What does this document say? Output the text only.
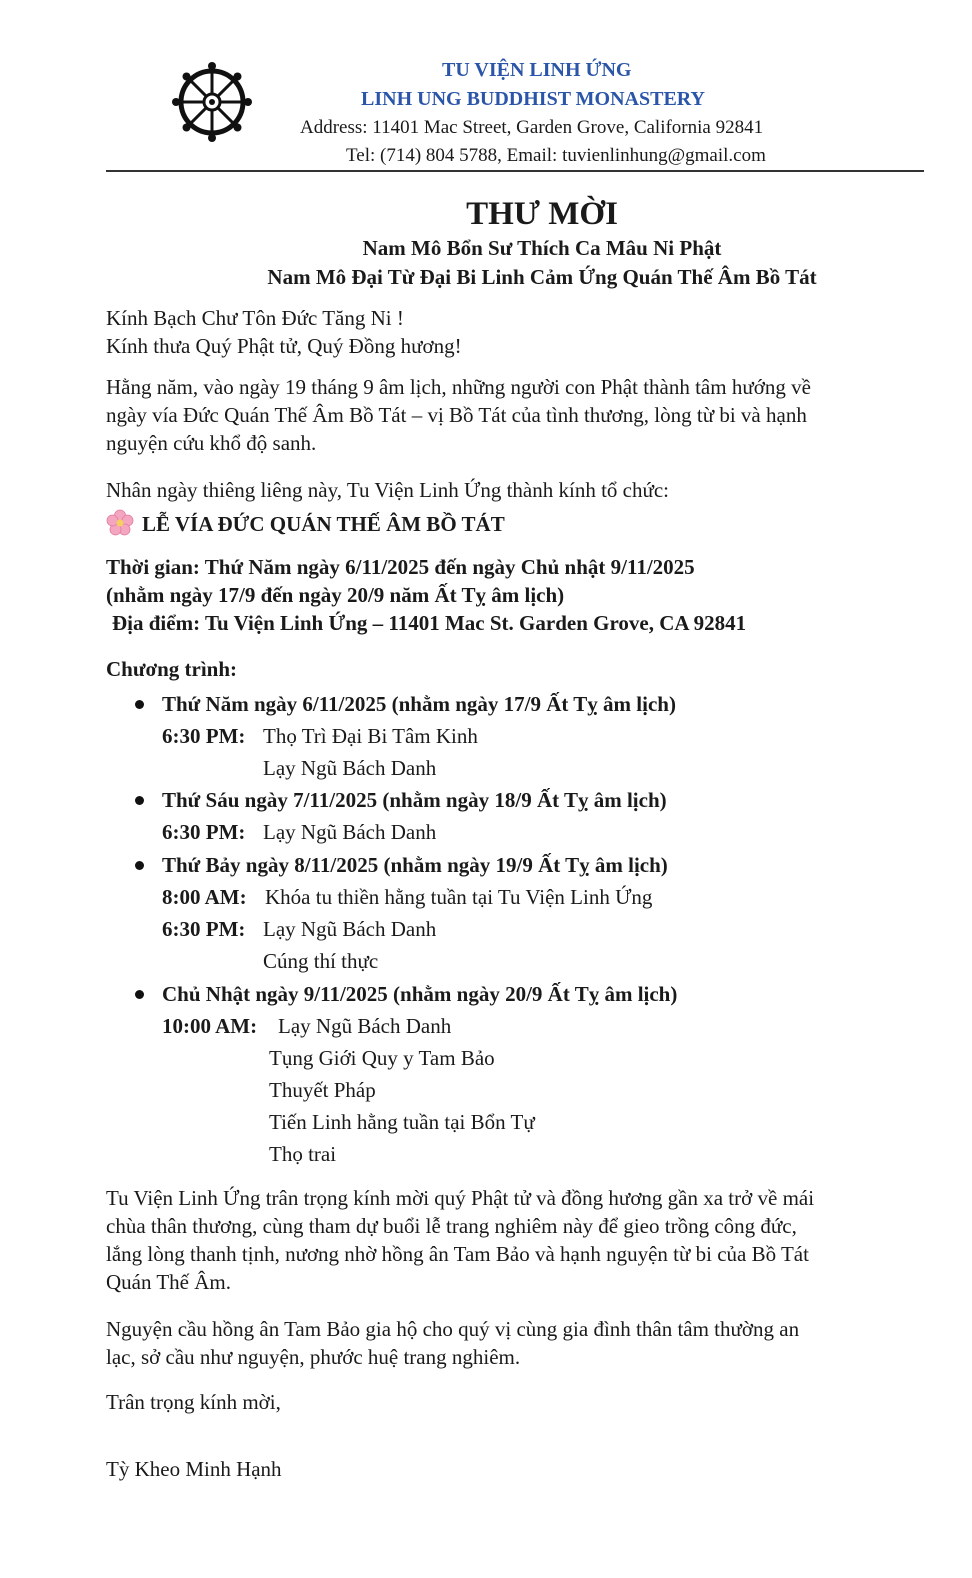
TU VIỆN LINH ỨNG
LINH UNG BUDDHIST MONASTERY
Address: 11401 Mac Street, Garden Grove, California 92841
Tel: (714) 804 5788, Email: tuvienlinhung@gmail.com
THƯ MỜI
Nam Mô Bổn Sư Thích Ca Mâu Ni Phật
Nam Mô Đại Từ Đại Bi Linh Cảm Ứng Quán Thế Âm Bồ Tát
Kính Bạch Chư Tôn Đức Tăng Ni !
Kính thưa Quý Phật tử, Quý Đồng hương!
Hằng năm, vào ngày 19 tháng 9 âm lịch, những người con Phật thành tâm hướng về
ngày vía Đức Quán Thế Âm Bồ Tát – vị Bồ Tát của tình thương, lòng từ bi và hạnh
nguyện cứu khổ độ sanh.
Nhân ngày thiêng liêng này, Tu Viện Linh Ứng thành kính tổ chức:
LỄ VÍA ĐỨC QUÁN THẾ ÂM BỒ TÁT
Thời gian: Thứ Năm ngày 6/11/2025 đến ngày Chủ nhật 9/11/2025
(nhằm ngày 17/9 đến ngày 20/9 năm Ất Tỵ âm lịch)
Địa điểm: Tu Viện Linh Ứng – 11401 Mac St. Garden Grove, CA 92841
Chương trình:
Thứ Năm ngày 6/11/2025 (nhằm ngày 17/9 Ất Tỵ âm lịch)
6:30 PM: Thọ Trì Đại Bi Tâm Kinh
Lạy Ngũ Bách Danh
Thứ Sáu ngày 7/11/2025 (nhằm ngày 18/9 Ất Tỵ âm lịch)
6:30 PM: Lạy Ngũ Bách Danh
Thứ Bảy ngày 8/11/2025 (nhằm ngày 19/9 Ất Tỵ âm lịch)
8:00 AM: Khóa tu thiền hằng tuần tại Tu Viện Linh Ứng
6:30 PM: Lạy Ngũ Bách Danh
Cúng thí thực
Chủ Nhật ngày 9/11/2025 (nhằm ngày 20/9 Ất Tỵ âm lịch)
10:00 AM: Lạy Ngũ Bách Danh
Tụng Giới Quy y Tam Bảo
Thuyết Pháp
Tiến Linh hằng tuần tại Bổn Tự
Thọ trai
Tu Viện Linh Ứng trân trọng kính mời quý Phật tử và đồng hương gần xa trở về mái
chùa thân thương, cùng tham dự buổi lễ trang nghiêm này để gieo trồng công đức,
lắng lòng thanh tịnh, nương nhờ hồng ân Tam Bảo và hạnh nguyện từ bi của Bồ Tát
Quán Thế Âm.
Nguyện cầu hồng ân Tam Bảo gia hộ cho quý vị cùng gia đình thân tâm thường an
lạc, sở cầu như nguyện, phước huệ trang nghiêm.
Trân trọng kính mời,
Tỳ Kheo Minh Hạnh
